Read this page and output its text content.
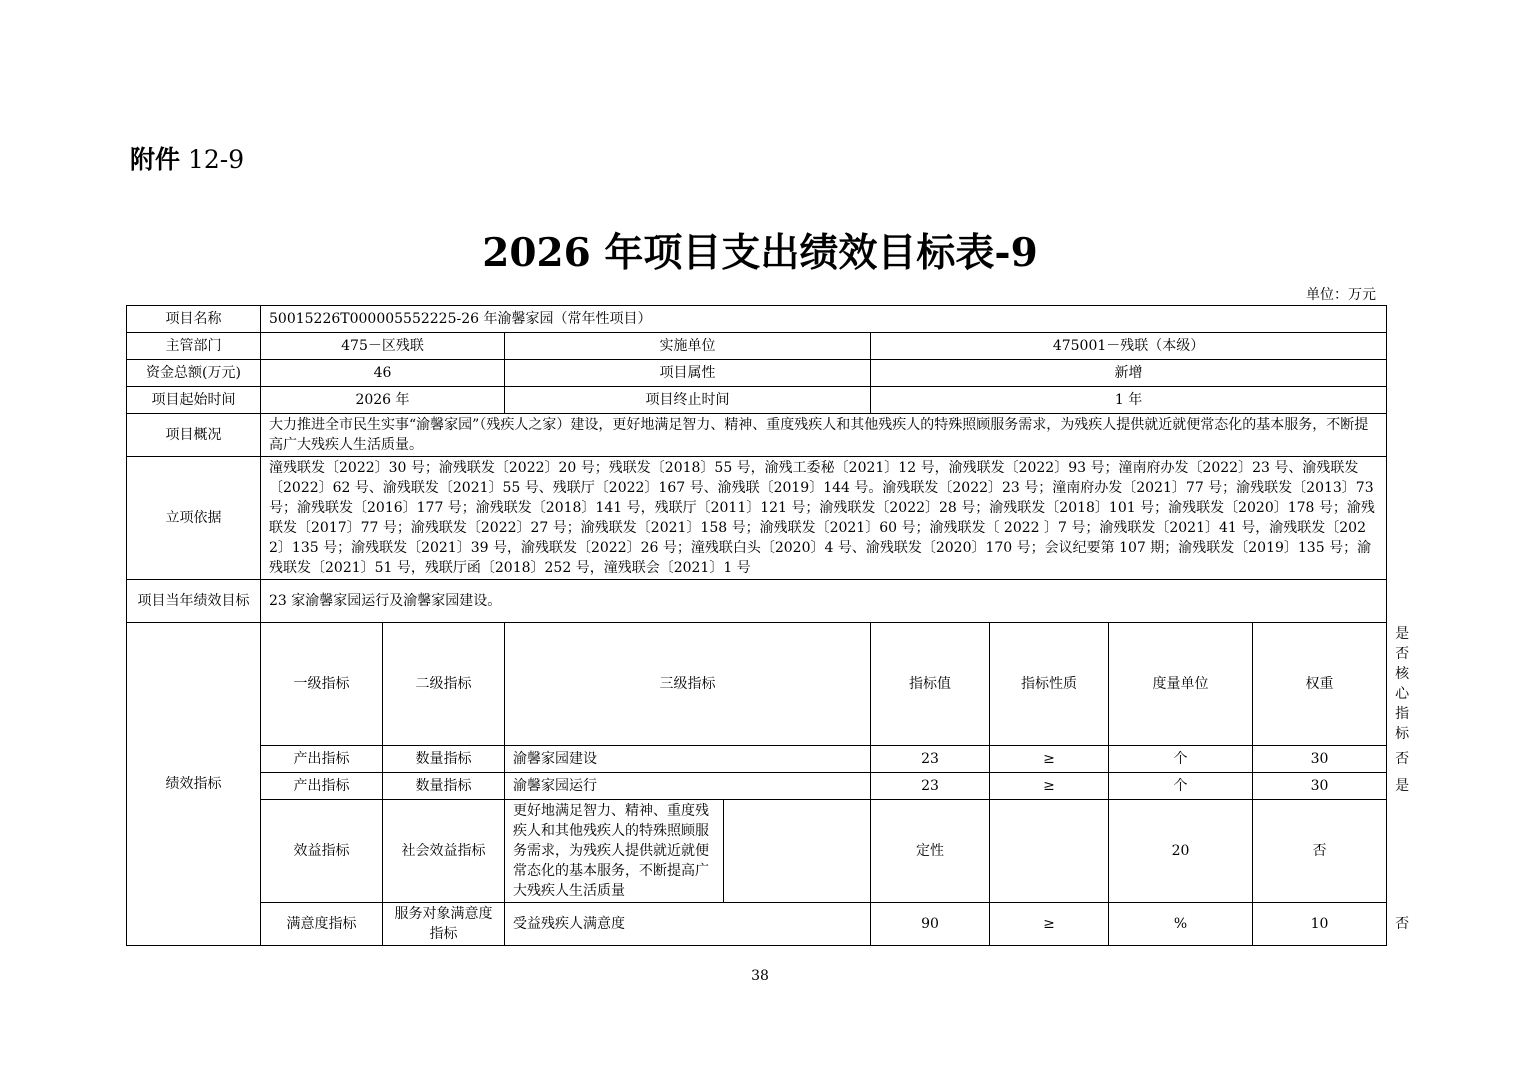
附件 12-9
2026 年项目支出绩效目标表-9
单位：万元
项目名称	50015226T000005552225-26 年渝馨家园（常年性项目）								
主管部门	475－区残联		实施单位		475001－残联（本级）				
资金总额(万元)	46		项目属性		新增				
项目起始时间	2026 年		项目终止时间		1 年				
项目概况	大力推进全市民生实事“渝馨家园”（残疾人之家）建设，更好地满足智力、精神、重度残疾人和其他残疾人的特殊照顾服务需求，为残疾人提供就近就便常态化的基本服务，不断提高广大残疾人生活质量。								
立项依据	潼残联发〔2022〕30 号；渝残联发〔2022〕20 号；残联发〔2018〕55 号，渝残工委秘〔2021〕12 号，渝残联发〔2022〕93 号；潼南府办发〔2022〕23 号、渝残联发〔2022〕62 号、渝残联发〔2021〕55 号、残联厅〔2022〕167 号、渝残联〔2019〕144 号。渝残联发〔2022〕23 号；潼南府办发〔2021〕77 号；渝残联发〔2013〕73 号；渝残联发〔2016〕177 号；渝残联发〔2018〕141 号，残联厅〔2011〕121 号；渝残联发〔2022〕28 号；渝残联发〔2018〕101 号；渝残联发〔2020〕178 号；渝残联发〔2017〕77 号；渝残联发〔2022〕27 号；渝残联发〔2021〕158 号；渝残联发〔2021〕60 号；渝残联发〔 2022 〕7 号；渝残联发〔2021〕41 号，渝残联发〔2022〕135 号；渝残联发〔2021〕39 号，渝残联发〔2022〕26 号；潼残联白头〔2020〕4 号、渝残联发〔2020〕170 号；会议纪要第 107 期；渝残联发〔2019〕135 号；渝残联发〔2021〕51 号，残联厅函〔2018〕252 号，潼残联会〔2021〕1 号								
项目当年绩效目标	23 家渝馨家园运行及渝馨家园建设。								
绩效指标	一级指标	二级指标	三级指标		指标值	指标性质	度量单位	权重	是否核心指标
	产出指标	数量指标	渝馨家园建设		23	≥	个	30	否
	产出指标	数量指标	渝馨家园运行		23	≥	个	30	是
	效益指标	社会效益指标	更好地满足智力、精神、重度残疾人和其他残疾人的特殊照顾服务需求，为残疾人提供就近就便常态化的基本服务，不断提高广大残疾人生活质量		定性		20	否	
	满意度指标	服务对象满意度指标	受益残疾人满意度		90	≥	%	10	否
38
